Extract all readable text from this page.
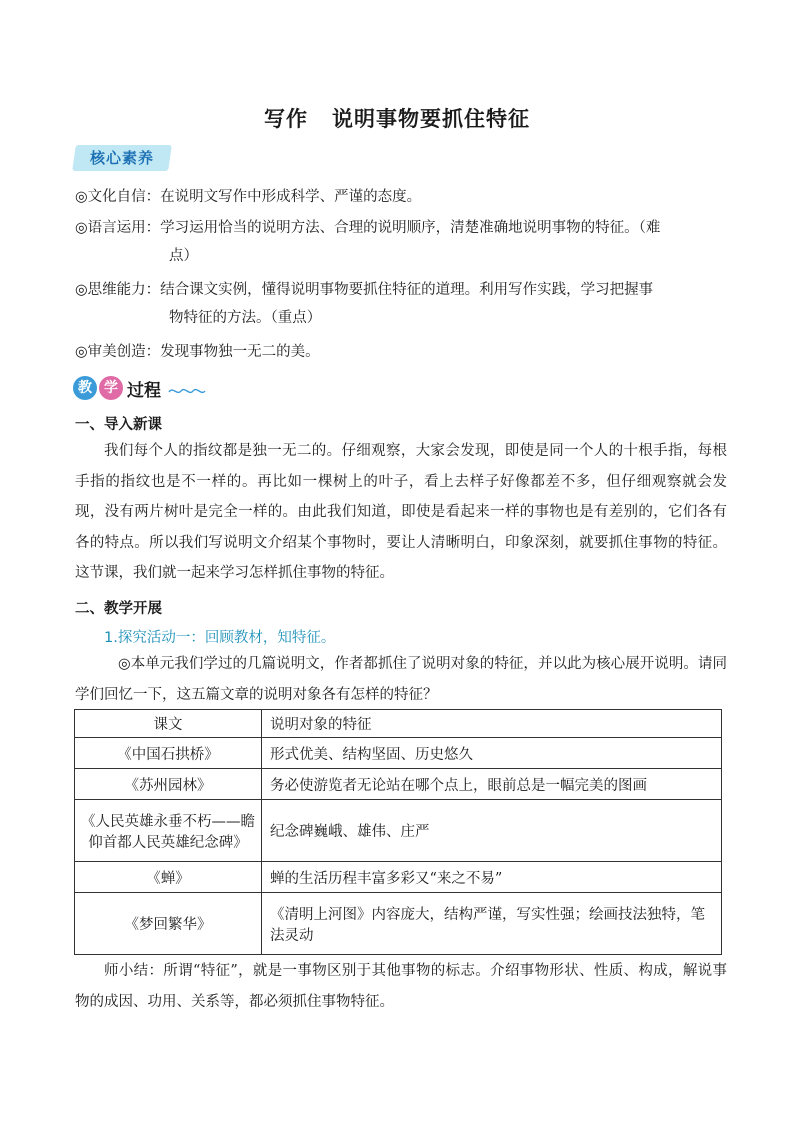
写作 说明事物要抓住特征
核心素养
◎文化自信：在说明文写作中形成科学、严谨的态度。
◎语言运用：学习运用恰当的说明方法、合理的说明顺序，清楚准确地说明事物的特征。（难
点）
◎思维能力：结合课文实例，懂得说明事物要抓住特征的道理。利用写作实践，学习把握事
物特征的方法。（重点）
◎审美创造：发现事物独一无二的美。
教 学 过程
一、导入新课
我们每个人的指纹都是独一无二的。仔细观察，大家会发现，即使是同一个人的十根手指，每根手指的指纹也是不一样的。再比如一棵树上的叶子，看上去样子好像都差不多，但仔细观察就会发现，没有两片树叶是完全一样的。由此我们知道，即使是看起来一样的事物也是有差别的，它们各有各的特点。所以我们写说明文介绍某个事物时，要让人清晰明白，印象深刻，就要抓住事物的特征。这节课，我们就一起来学习怎样抓住事物的特征。
二、教学开展
1.探究活动一：回顾教材，知特征。
◎本单元我们学过的几篇说明文，作者都抓住了说明对象的特征，并以此为核心展开说明。请同学们回忆一下，这五篇文章的说明对象各有怎样的特征？
课文	说明对象的特征
《中国石拱桥》	形式优美、结构坚固、历史悠久
《苏州园林》	务必使游览者无论站在哪个点上，眼前总是一幅完美的图画
《人民英雄永垂不朽——瞻仰首都人民英雄纪念碑》	纪念碑巍峨、雄伟、庄严
《蝉》	蝉的生活历程丰富多彩又“来之不易”
《梦回繁华》	《清明上河图》内容庞大，结构严谨，写实性强；绘画技法独特，笔法灵动
师小结：所谓“特征”，就是一事物区别于其他事物的标志。介绍事物形状、性质、构成，解说事物的成因、功用、关系等，都必须抓住事物特征。
